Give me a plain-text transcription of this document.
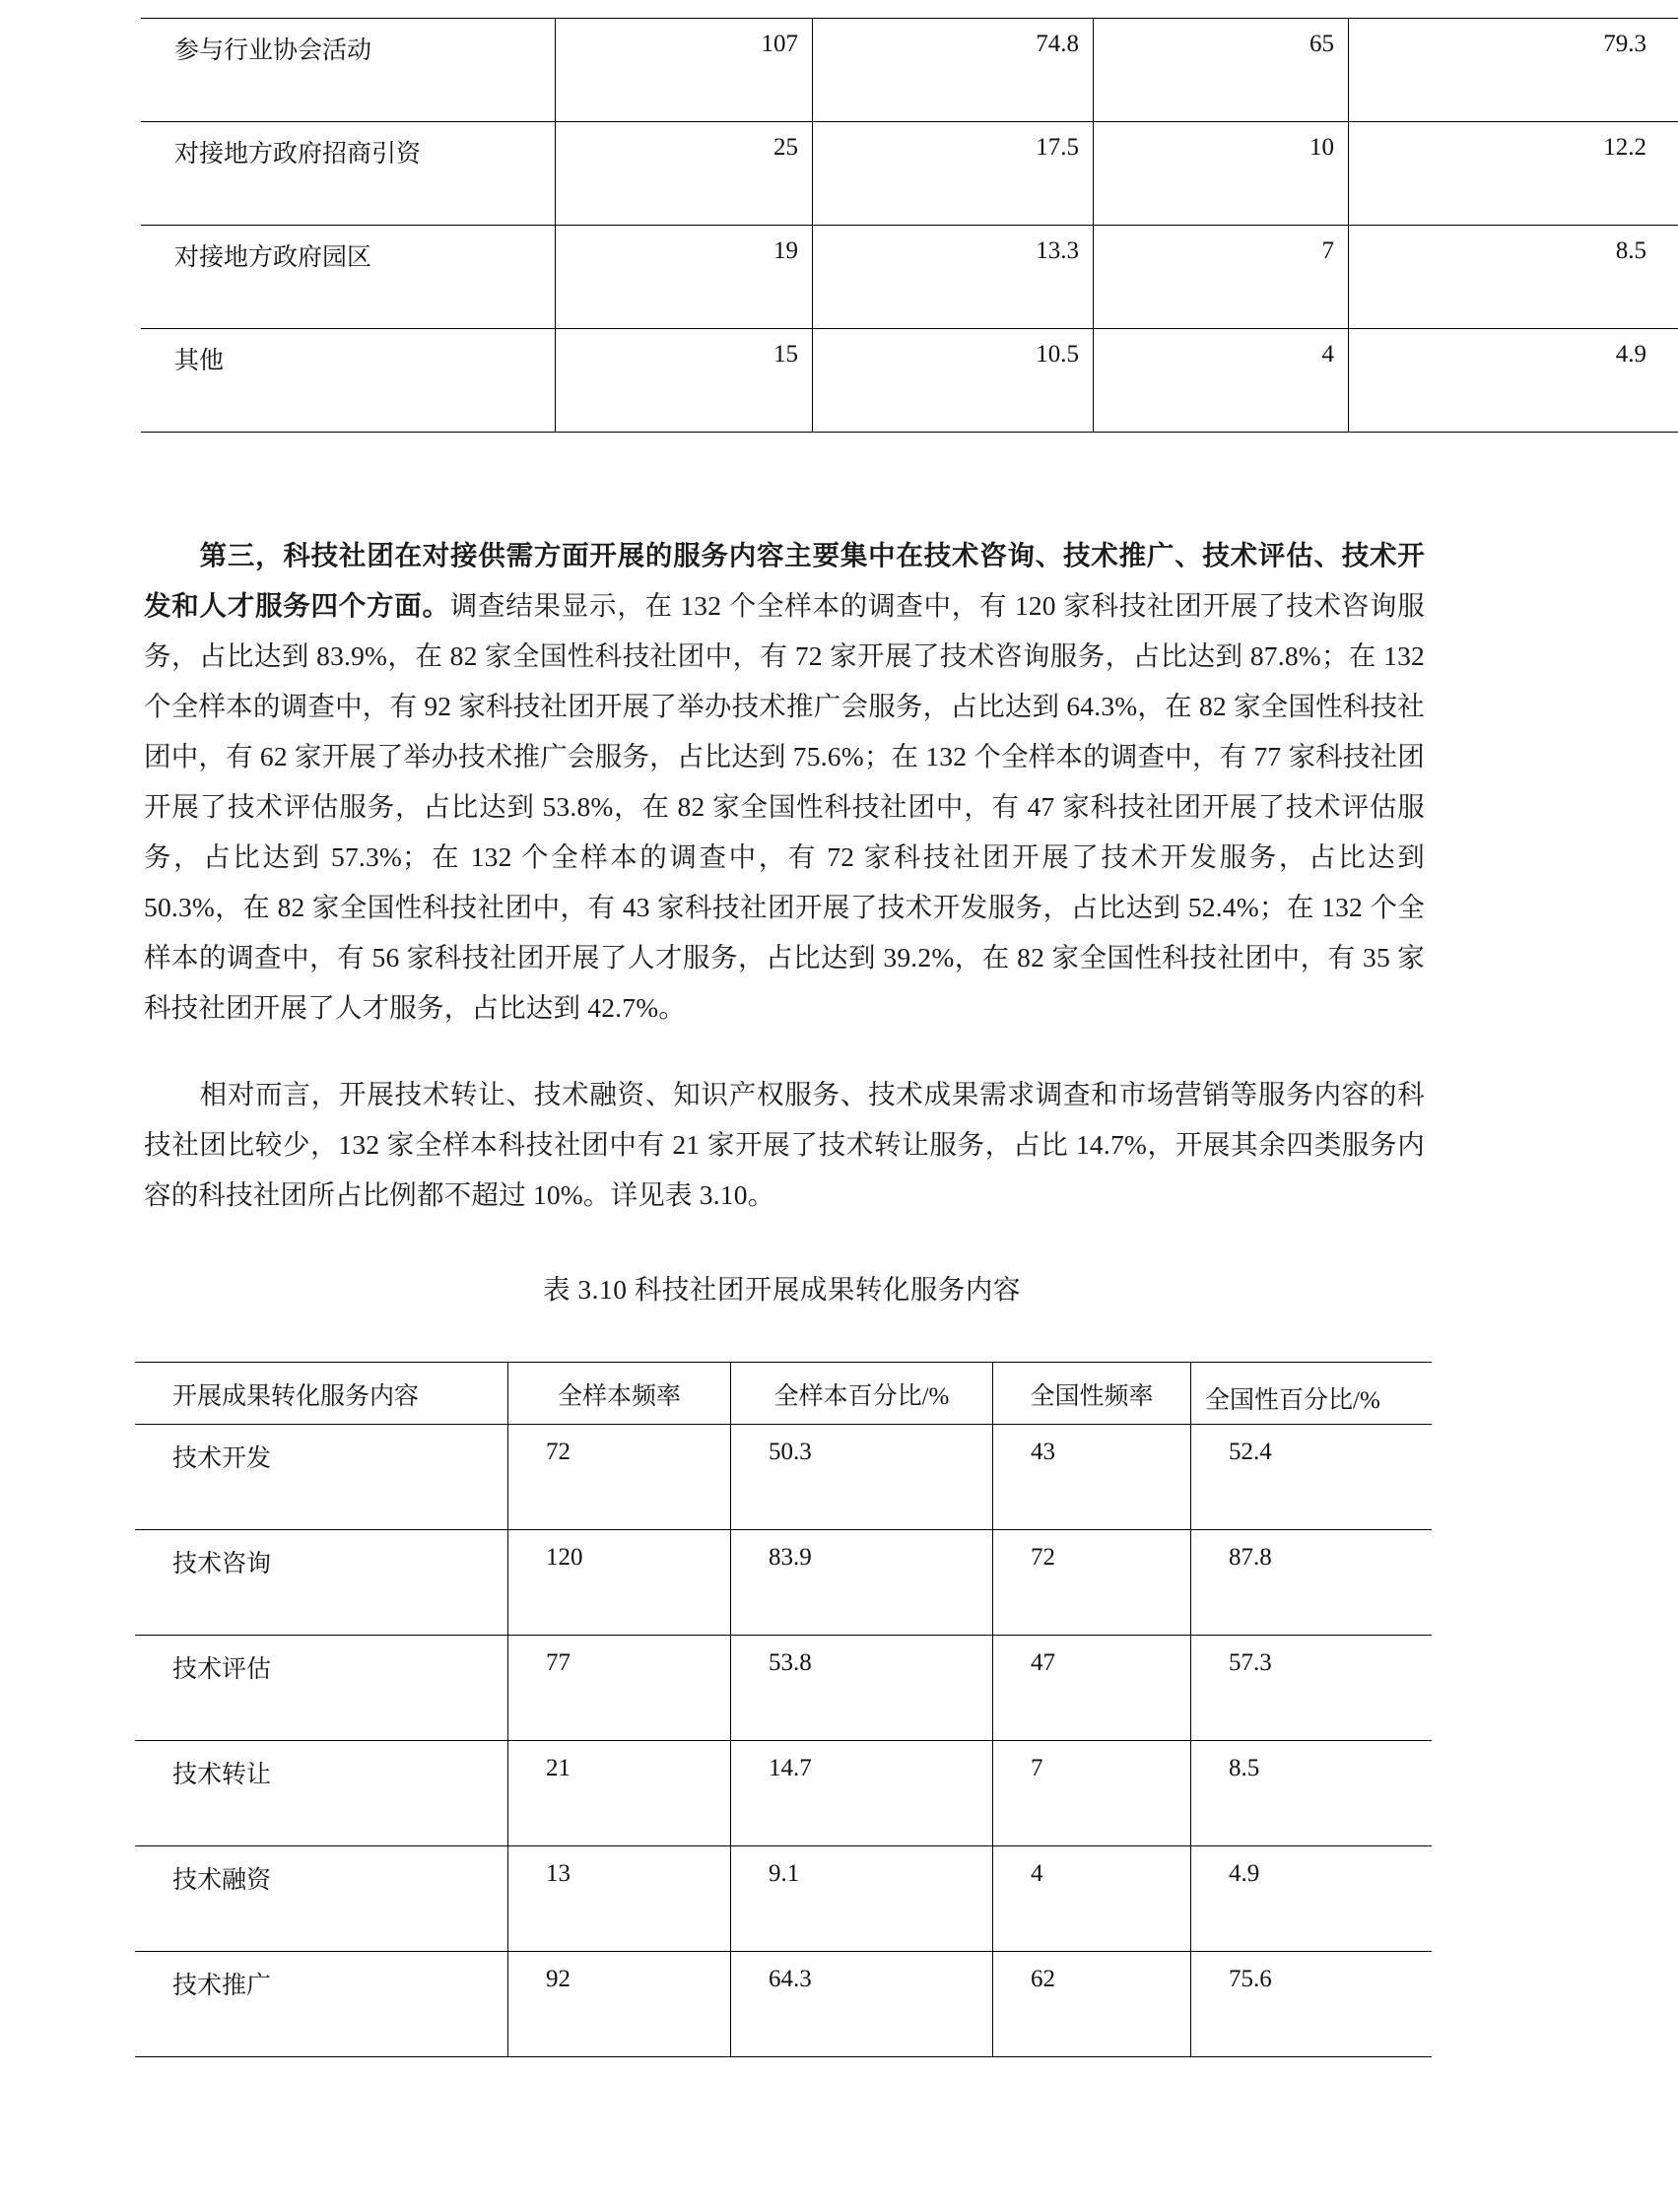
参与行业协会活动	107	74.8	65	79.3
对接地方政府招商引资	25	17.5	10	12.2
对接地方政府园区	19	13.3	7	8.5
其他	15	10.5	4	4.9
第三，科技社团在对接供需方面开展的服务内容主要集中在技术咨询、技术推广、技术评估、技术开发和人才服务四个方面。调查结果显示，在 132 个全样本的调查中，有 120 家科技社团开展了技术咨询服务，占比达到 83.9%，在 82 家全国性科技社团中，有 72 家开展了技术咨询服务，占比达到 87.8%；在 132 个全样本的调查中，有 92 家科技社团开展了举办技术推广会服务，占比达到 64.3%，在 82 家全国性科技社团中，有 62 家开展了举办技术推广会服务，占比达到 75.6%；在 132 个全样本的调查中，有 77 家科技社团开展了技术评估服务，占比达到 53.8%，在 82 家全国性科技社团中，有 47 家科技社团开展了技术评估服务，占比达到 57.3%；在 132 个全样本的调查中，有 72 家科技社团开展了技术开发服务，占比达到 50.3%，在 82 家全国性科技社团中，有 43 家科技社团开展了技术开发服务，占比达到 52.4%；在 132 个全样本的调查中，有 56 家科技社团开展了人才服务，占比达到 39.2%，在 82 家全国性科技社团中，有 35 家科技社团开展了人才服务，占比达到 42.7%。
相对而言，开展技术转让、技术融资、知识产权服务、技术成果需求调查和市场营销等服务内容的科技社团比较少，132 家全样本科技社团中有 21 家开展了技术转让服务，占比 14.7%，开展其余四类服务内容的科技社团所占比例都不超过 10%。详见表 3.10。
表 3.10 科技社团开展成果转化服务内容
开展成果转化服务内容	全样本频率	全样本百分比/%	全国性频率	全国性百分比/%
技术开发	72	50.3	43	52.4
技术咨询	120	83.9	72	87.8
技术评估	77	53.8	47	57.3
技术转让	21	14.7	7	8.5
技术融资	13	9.1	4	4.9
技术推广	92	64.3	62	75.6
